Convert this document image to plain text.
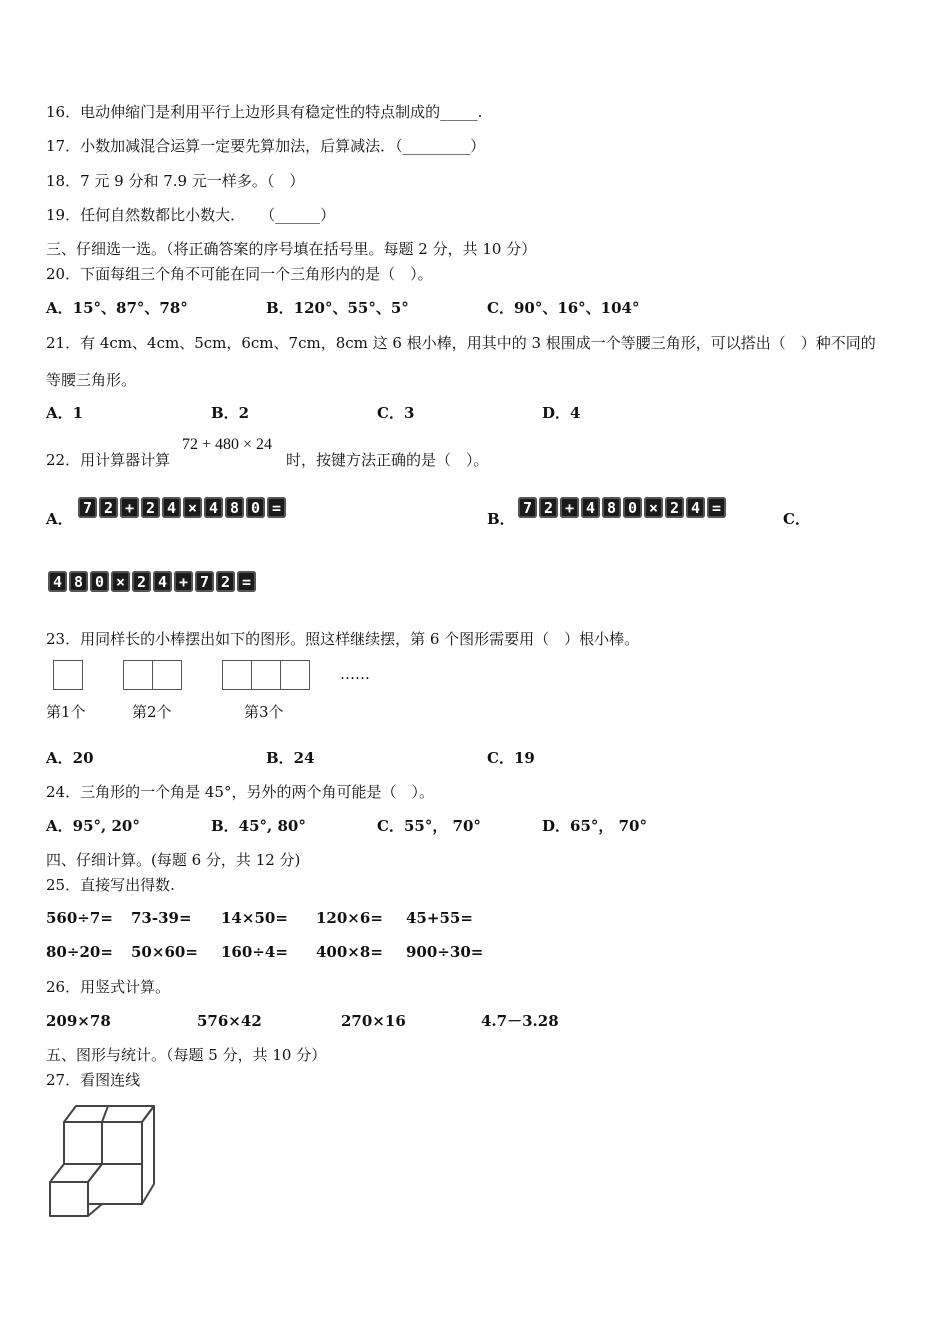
16．电动伸缩门是利用平行上边形具有稳定性的特点制成的_____.
17．小数加减混合运算一定要先算加法，后算减法．（_________）
18．7 元 9 分和 7.9 元一样多。（　）
19．任何自然数都比小数大．　　（______）
三、仔细选一选。（将正确答案的序号填在括号里。每题 2 分，共 10 分）
20．下面每组三个角不可能在同一个三角形内的是（　）。
A．15°、87°、78°	B．120°、55°、5°	C．90°、16°、104°
21．有 4cm、4cm、5cm，6cm、7cm，8cm 这 6 根小棒，用其中的 3 根围成一个等腰三角形，可以搭出（　）种不同的
等腰三角形。
A．1	B．2	C．3	D．4
22．用计算器计算
72 + 480 × 24
时，按键方法正确的是（　）。
A．
7 2 + 2 4 × 4 8 0 =
B．
7 2 + 4 8 0 × 2 4 =
C．
4 8 0 × 2 4 + 7 2 =
23．用同样长的小棒摆出如下的图形。照这样继续摆，第 6 个图形需要用（　）根小棒。
……
第1个	第2个	第3个
A．20	B．24	C．19
24．三角形的一个角是 45°，另外的两个角可能是（　）。
A．95°, 20°	B．45°, 80°	C．55°， 70°	D．65°， 70°
四、仔细计算。(每题 6 分，共 12 分)
25．直接写出得数.
560÷7= 73-39= 14×50= 120×6= 45+55=
80÷20= 50×60= 160÷4= 400×8= 900÷30=
26．用竖式计算。
209×78	576×42	270×16	4.7－3.28
五、图形与统计。（每题 5 分，共 10 分）
27．看图连线
